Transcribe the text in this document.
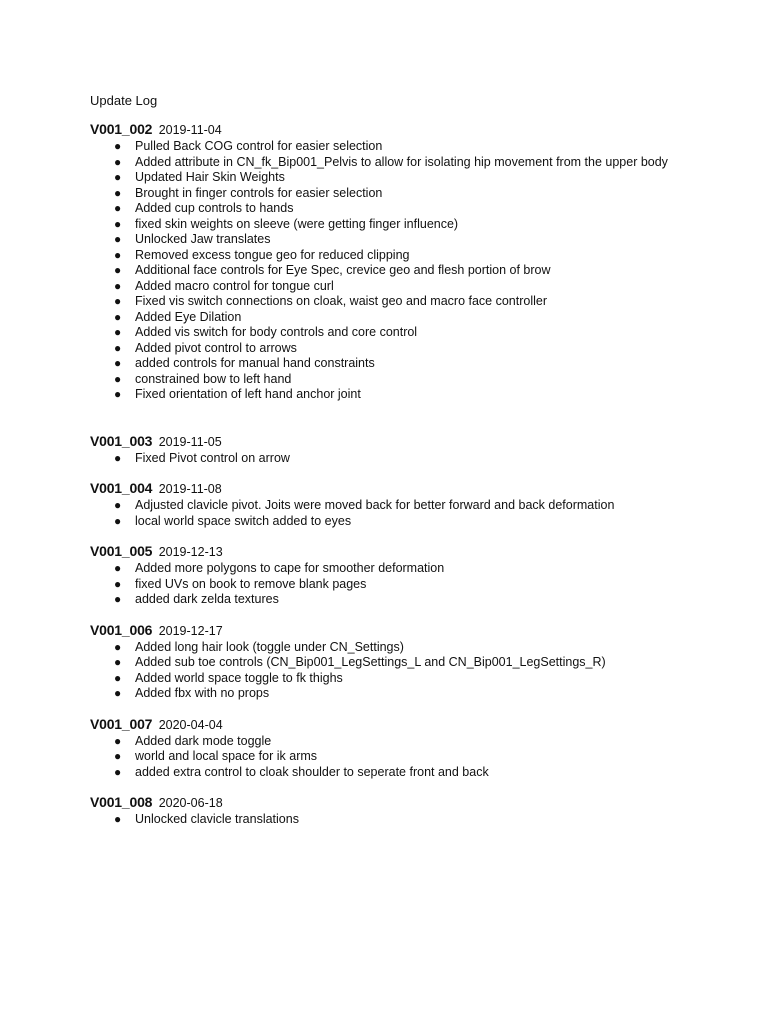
Update Log
V001_002 2019-11-04
● Pulled Back COG control for easier selection
● Added attribute in CN_fk_Bip001_Pelvis to allow for isolating hip movement from the upper body
● Updated Hair Skin Weights
● Brought in finger controls for easier selection
● Added cup controls to hands
● fixed skin weights on sleeve (were getting finger influence)
● Unlocked Jaw translates
● Removed excess tongue geo for reduced clipping
● Additional face controls for Eye Spec, crevice geo and flesh portion of brow
● Added macro control for tongue curl
● Fixed vis switch connections on cloak, waist geo and macro face controller
● Added Eye Dilation
● Added vis switch for body controls and core control
● Added pivot control to arrows
● added controls for manual hand constraints
● constrained bow to left hand
● Fixed orientation of left hand anchor joint
V001_003 2019-11-05
● Fixed Pivot control on arrow
V001_004 2019-11-08
● Adjusted clavicle pivot. Joits were moved back for better forward and back deformation
● local world space switch added to eyes
V001_005 2019-12-13
● Added more polygons to cape for smoother deformation
● fixed UVs on book to remove blank pages
● added dark zelda textures
V001_006 2019-12-17
● Added long hair look (toggle under CN_Settings)
● Added sub toe controls (CN_Bip001_LegSettings_L and CN_Bip001_LegSettings_R)
● Added world space toggle to fk thighs
● Added fbx with no props
V001_007 2020-04-04
● Added dark mode toggle
● world and local space for ik arms
● added extra control to cloak shoulder to seperate front and back
V001_008 2020-06-18
● Unlocked clavicle translations
